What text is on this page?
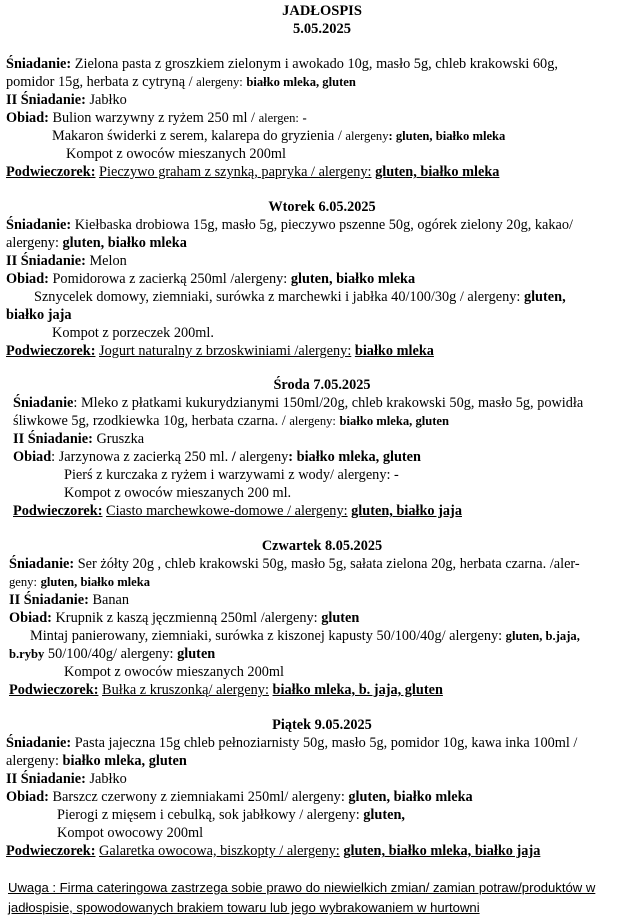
JADŁOSPIS
5.05.2025
Śniadanie: Zielona pasta z groszkiem zielonym i awokado 10g, masło 5g, chleb krakowski 60g,
pomidor 15g, herbata z cytryną / alergeny: białko mleka, gluten
II Śniadanie: Jabłko
Obiad: Bulion warzywny z ryżem 250 ml / alergen: -
Makaron świderki z serem, kalarepa do gryzienia / alergeny: gluten, białko mleka
Kompot z owoców mieszanych 200ml
Podwieczorek: Pieczywo graham z szynką, papryka / alergeny: gluten, białko mleka
Wtorek 6.05.2025
Śniadanie: Kiełbaska drobiowa 15g, masło 5g, pieczywo pszenne 50g, ogórek zielony 20g, kakao/
alergeny: gluten, białko mleka
II Śniadanie: Melon
Obiad: Pomidorowa z zacierką 250ml /alergeny: gluten, białko mleka
Sznycelek domowy, ziemniaki, surówka z marchewki i jabłka 40/100/30g / alergeny: gluten,
białko jaja
Kompot z porzeczek 200ml.
Podwieczorek: Jogurt naturalny z brzoskwiniami /alergeny: białko mleka
Środa 7.05.2025
Śniadanie: Mleko z płatkami kukurydzianymi 150ml/20g, chleb krakowski 50g, masło 5g, powidła
śliwkowe 5g, rzodkiewka 10g, herbata czarna. / alergeny: białko mleka, gluten
II Śniadanie: Gruszka
Obiad: Jarzynowa z zacierką 250 ml. / alergeny: białko mleka, gluten
Pierś z kurczaka z ryżem i warzywami z wody/ alergeny: -
Kompot z owoców mieszanych 200 ml.
Podwieczorek: Ciasto marchewkowe-domowe / alergeny: gluten, białko jaja
Czwartek 8.05.2025
Śniadanie: Ser żółty 20g , chleb krakowski 50g, masło 5g, sałata zielona 20g, herbata czarna. /aler-
geny: gluten, białko mleka
II Śniadanie: Banan
Obiad: Krupnik z kaszą jęczmienną 250ml /alergeny: gluten
Mintaj panierowany, ziemniaki, surówka z kiszonej kapusty 50/100/40g/ alergeny: gluten, b.jaja,
b.ryby 50/100/40g/ alergeny: gluten
Kompot z owoców mieszanych 200ml
Podwieczorek: Bułka z kruszonką/ alergeny: białko mleka, b. jaja, gluten
Piątek 9.05.2025
Śniadanie: Pasta jajeczna 15g chleb pełnoziarnisty 50g, masło 5g, pomidor 10g, kawa inka 100ml /
alergeny: białko mleka, gluten
II Śniadanie: Jabłko
Obiad: Barszcz czerwony z ziemniakami 250ml/ alergeny: gluten, białko mleka
Pierogi z mięsem i cebulką, sok jabłkowy / alergeny: gluten,
Kompot owocowy 200ml
Podwieczorek: Galaretka owocowa, biszkopty / alergeny: gluten, białko mleka, białko jaja
Uwaga : Firma cateringowa zastrzega sobie prawo do niewielkich zmian/ zamian potraw/produktów w
jadłospisie, spowodowanych brakiem towaru lub jego wybrakowaniem w hurtowni
